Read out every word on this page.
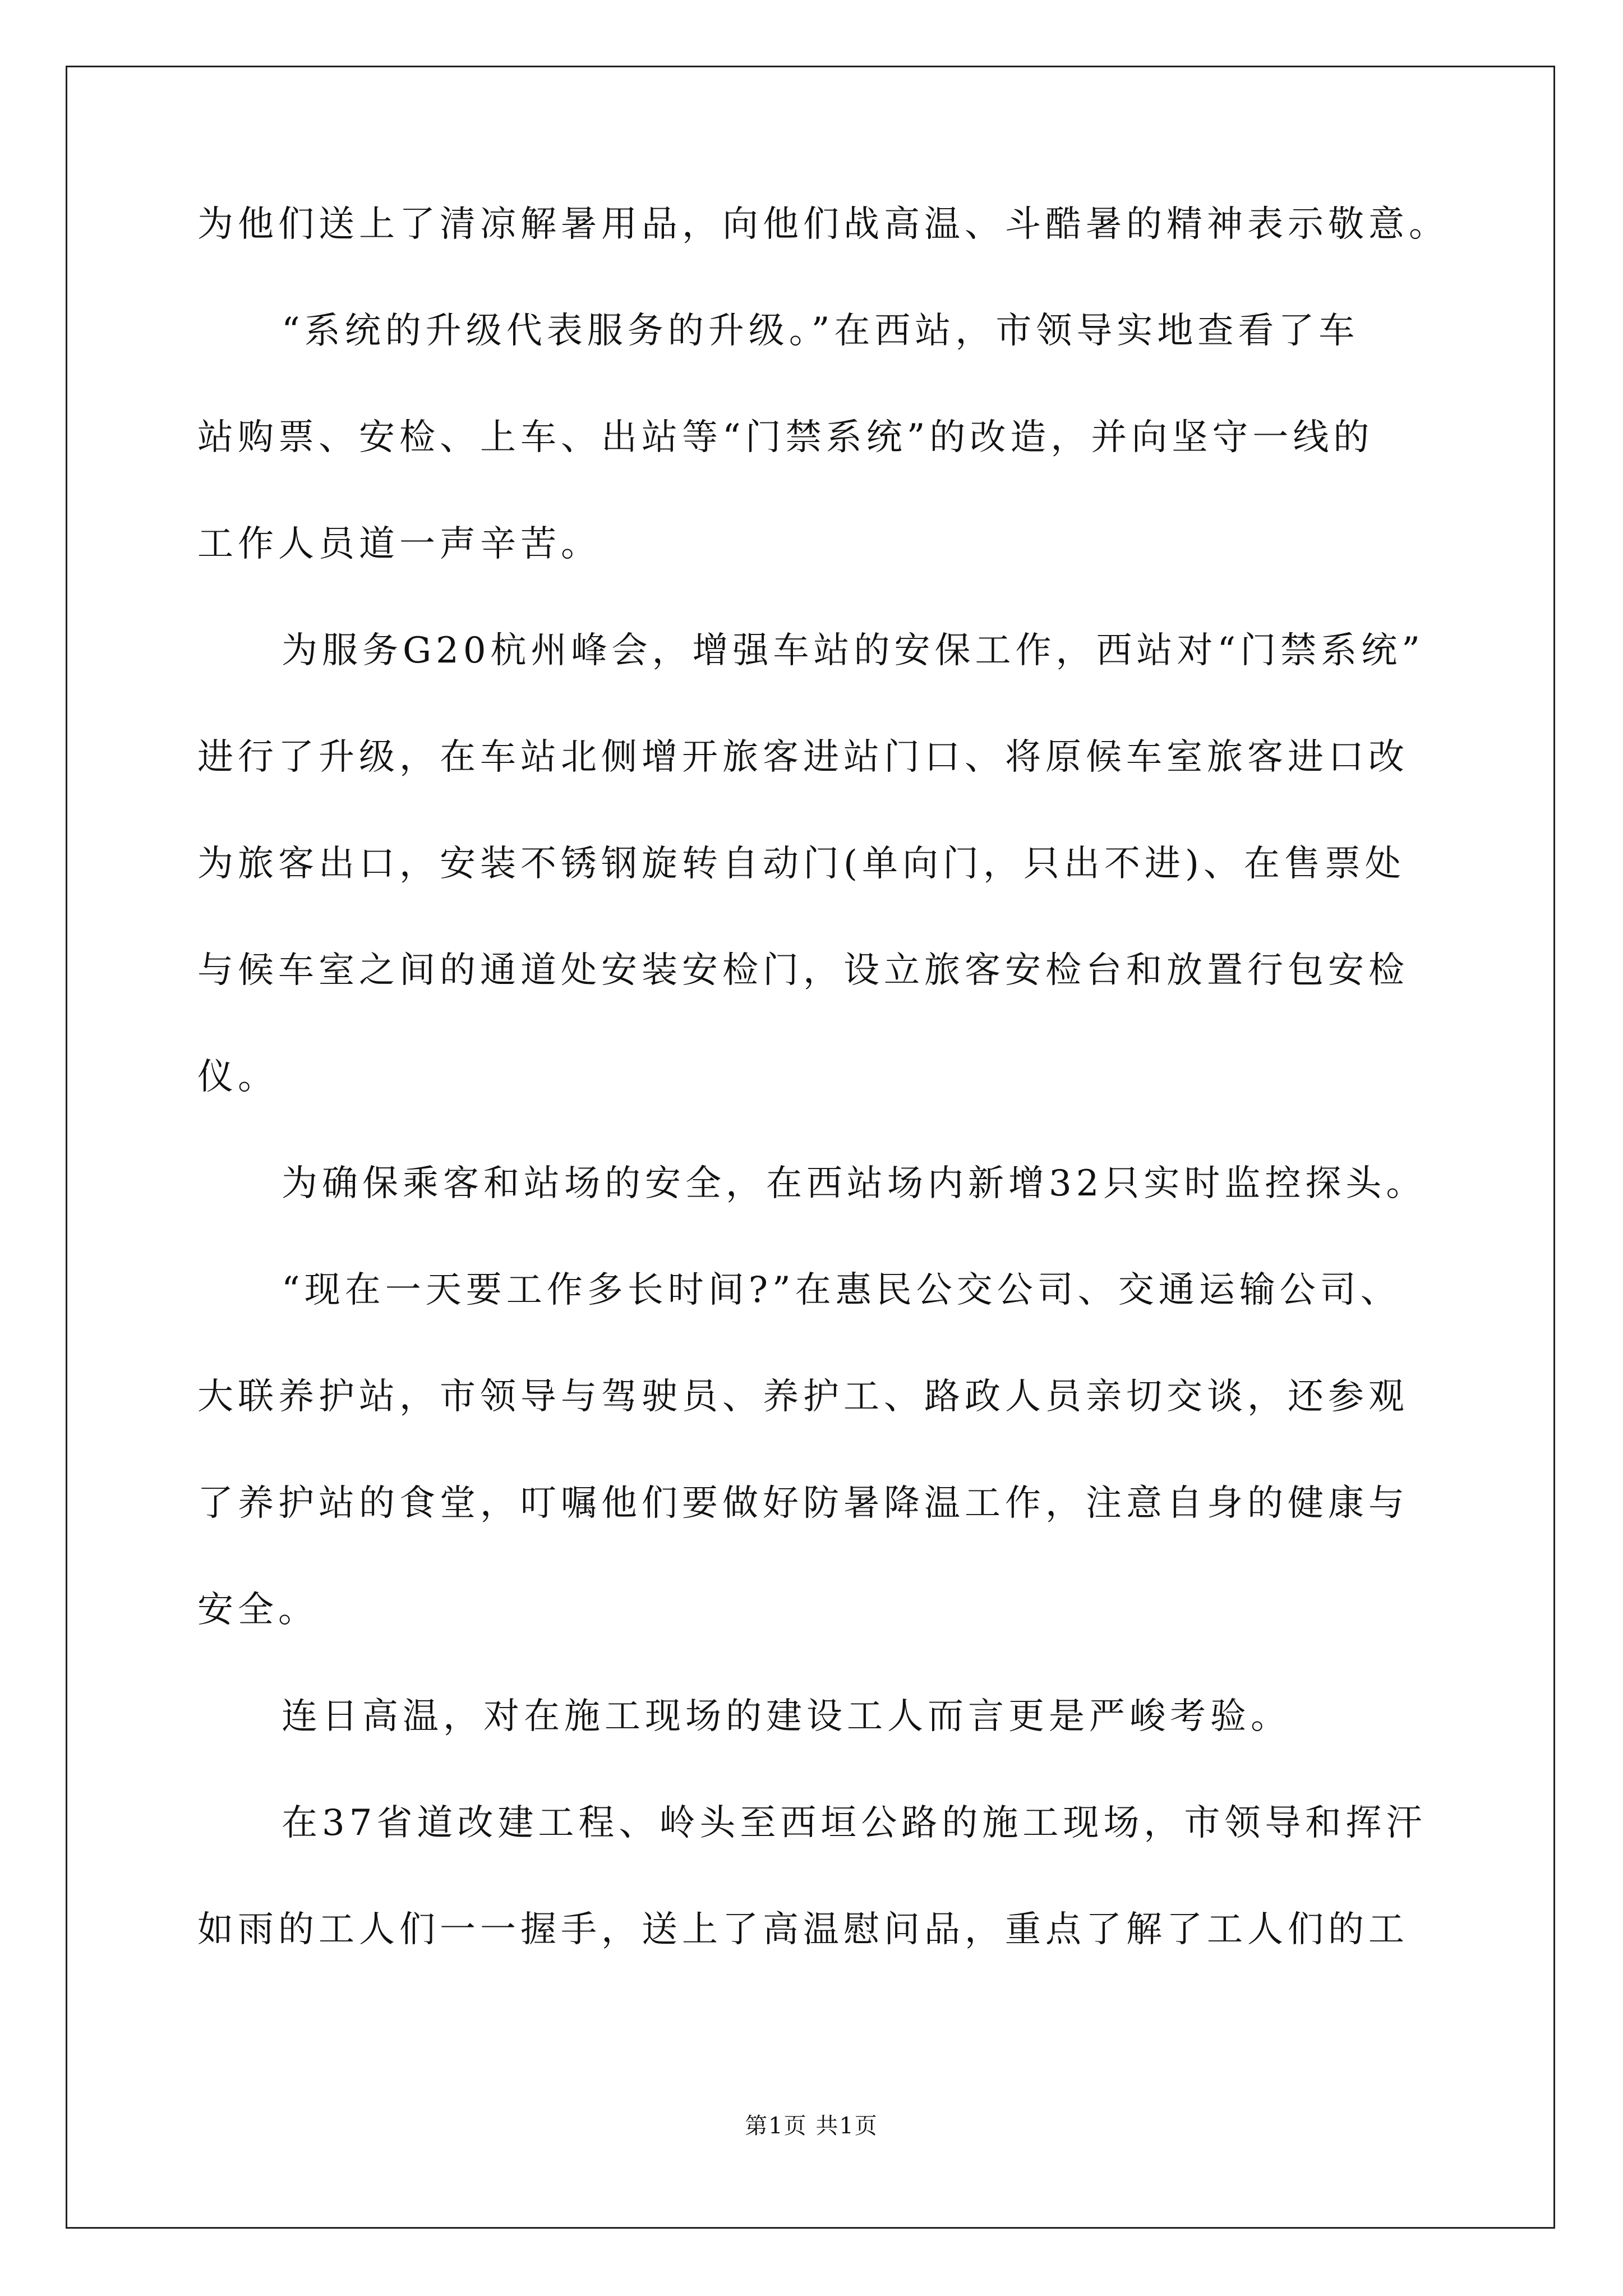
为他们送上了清凉解暑用品，向他们战高温、斗酷暑的精神表示敬意。
“系统的升级代表服务的升级。”在西站，市领导实地查看了车
站购票、安检、上车、出站等“门禁系统”的改造，并向坚守一线的
工作人员道一声辛苦。
为服务G20杭州峰会，增强车站的安保工作，西站对“门禁系统”
进行了升级，在车站北侧增开旅客进站门口、将原候车室旅客进口改
为旅客出口，安装不锈钢旋转自动门(单向门，只出不进)、在售票处
与候车室之间的通道处安装安检门，设立旅客安检台和放置行包安检
仪。
为确保乘客和站场的安全，在西站场内新增32只实时监控探头。
“现在一天要工作多长时间?”在惠民公交公司、交通运输公司、
大联养护站，市领导与驾驶员、养护工、路政人员亲切交谈，还参观
了养护站的食堂，叮嘱他们要做好防暑降温工作，注意自身的健康与
安全。
连日高温，对在施工现场的建设工人而言更是严峻考验。
在37省道改建工程、岭头至西垣公路的施工现场，市领导和挥汗
如雨的工人们一一握手，送上了高温慰问品，重点了解了工人们的工
第1页 共1页
